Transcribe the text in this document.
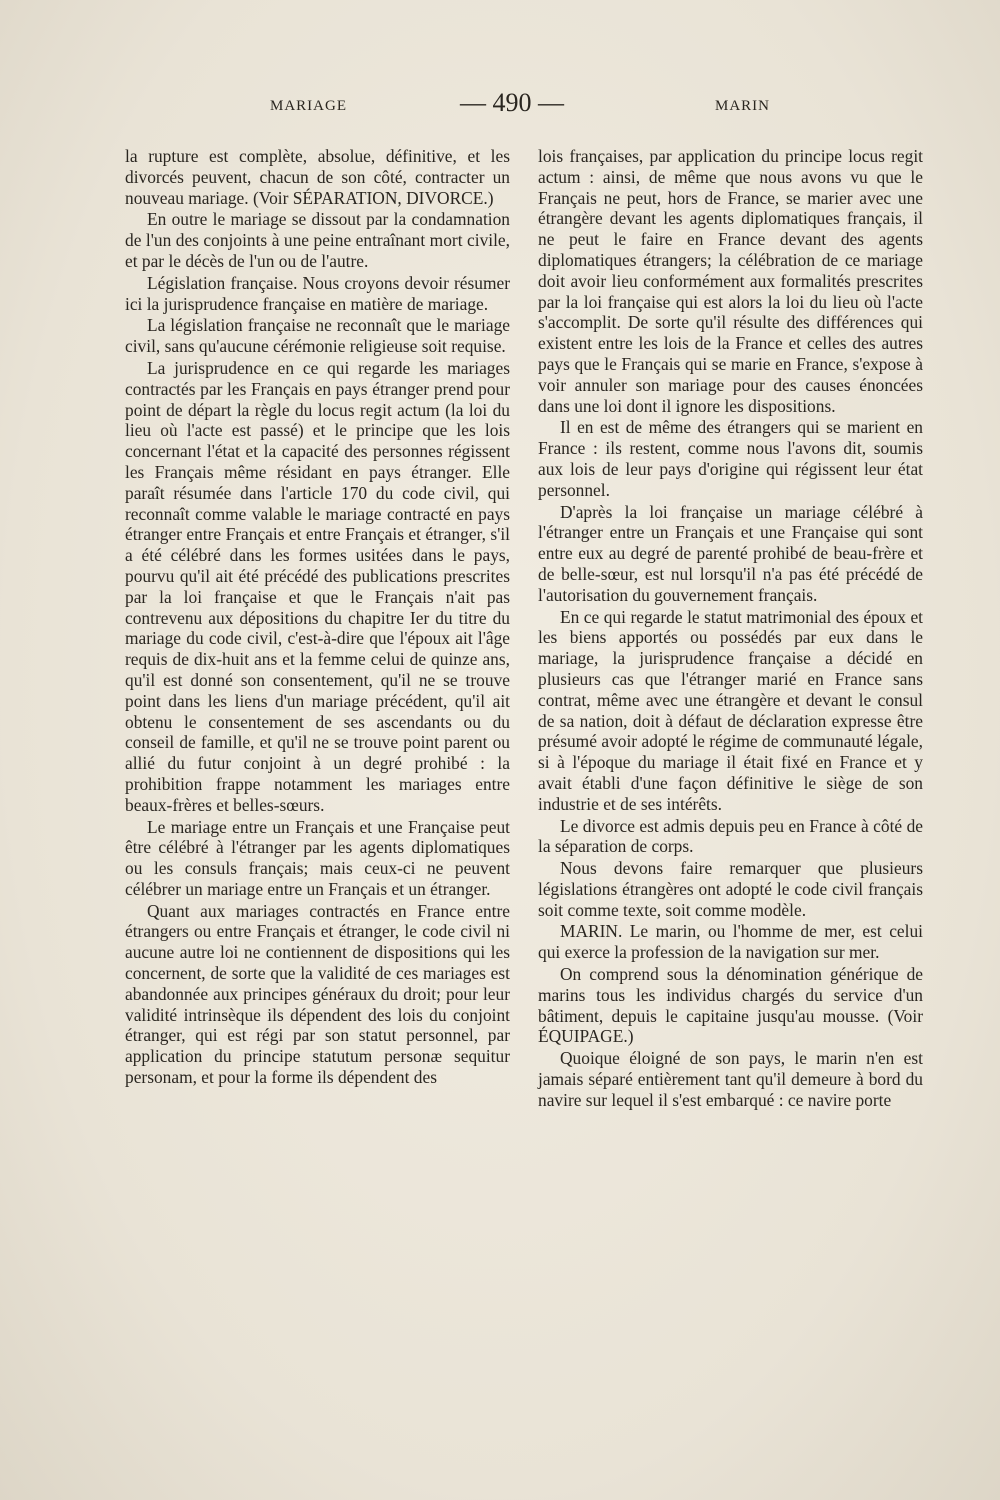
MARIAGE	— 490 —	MARIN

la rupture est complète, absolue, définitive, et les divorcés peuvent, chacun de son côté, contracter un nouveau mariage. (Voir SÉPARATION, DIVORCE.)

En outre le mariage se dissout par la condamnation de l'un des conjoints à une peine entraînant mort civile, et par le décès de l'un ou de l'autre.

Législation française. Nous croyons devoir résumer ici la jurisprudence française en matière de mariage.

La législation française ne reconnaît que le mariage civil, sans qu'aucune cérémonie religieuse soit requise.

La jurisprudence en ce qui regarde les mariages contractés par les Français en pays étranger prend pour point de départ la règle du locus regit actum (la loi du lieu où l'acte est passé) et le principe que les lois concernant l'état et la capacité des personnes régissent les Français même résidant en pays étranger. Elle paraît résumée dans l'article 170 du code civil, qui reconnaît comme valable le mariage contracté en pays étranger entre Français et entre Français et étranger, s'il a été célébré dans les formes usitées dans le pays, pourvu qu'il ait été précédé des publications prescrites par la loi française et que le Français n'ait pas contrevenu aux dépositions du chapitre Ier du titre du mariage du code civil, c'est-à-dire que l'époux ait l'âge requis de dix-huit ans et la femme celui de quinze ans, qu'il est donné son consentement, qu'il ne se trouve point dans les liens d'un mariage précédent, qu'il ait obtenu le consentement de ses ascendants ou du conseil de famille, et qu'il ne se trouve point parent ou allié du futur conjoint à un degré prohibé : la prohibition frappe notamment les mariages entre beaux-frères et belles-sœurs.

Le mariage entre un Français et une Française peut être célébré à l'étranger par les agents diplomatiques ou les consuls français; mais ceux-ci ne peuvent célébrer un mariage entre un Français et un étranger.

Quant aux mariages contractés en France entre étrangers ou entre Français et étranger, le code civil ni aucune autre loi ne contiennent de dispositions qui les concernent, de sorte que la validité de ces mariages est abandonnée aux principes généraux du droit; pour leur validité intrinsèque ils dépendent des lois du conjoint étranger, qui est régi par son statut personnel, par application du principe statutum personæ sequitur personam, et pour la forme ils dépendent des

lois françaises, par application du principe locus regit actum : ainsi, de même que nous avons vu que le Français ne peut, hors de France, se marier avec une étrangère devant les agents diplomatiques français, il ne peut le faire en France devant des agents diplomatiques étrangers; la célébration de ce mariage doit avoir lieu conformément aux formalités prescrites par la loi française qui est alors la loi du lieu où l'acte s'accomplit. De sorte qu'il résulte des différences qui existent entre les lois de la France et celles des autres pays que le Français qui se marie en France, s'expose à voir annuler son mariage pour des causes énoncées dans une loi dont il ignore les dispositions.

Il en est de même des étrangers qui se marient en France : ils restent, comme nous l'avons dit, soumis aux lois de leur pays d'origine qui régissent leur état personnel.

D'après la loi française un mariage célébré à l'étranger entre un Français et une Française qui sont entre eux au degré de parenté prohibé de beau-frère et de belle-sœur, est nul lorsqu'il n'a pas été précédé de l'autorisation du gouvernement français.

En ce qui regarde le statut matrimonial des époux et les biens apportés ou possédés par eux dans le mariage, la jurisprudence française a décidé en plusieurs cas que l'étranger marié en France sans contrat, même avec une étrangère et devant le consul de sa nation, doit à défaut de déclaration expresse être présumé avoir adopté le régime de communauté légale, si à l'époque du mariage il était fixé en France et y avait établi d'une façon définitive le siège de son industrie et de ses intérêts.

Le divorce est admis depuis peu en France à côté de la séparation de corps.

Nous devons faire remarquer que plusieurs législations étrangères ont adopté le code civil français soit comme texte, soit comme modèle.

MARIN. Le marin, ou l'homme de mer, est celui qui exerce la profession de la navigation sur mer.

On comprend sous la dénomination générique de marins tous les individus chargés du service d'un bâtiment, depuis le capitaine jusqu'au mousse. (Voir ÉQUIPAGE.)

Quoique éloigné de son pays, le marin n'en est jamais séparé entièrement tant qu'il demeure à bord du navire sur lequel il s'est embarqué : ce navire porte
